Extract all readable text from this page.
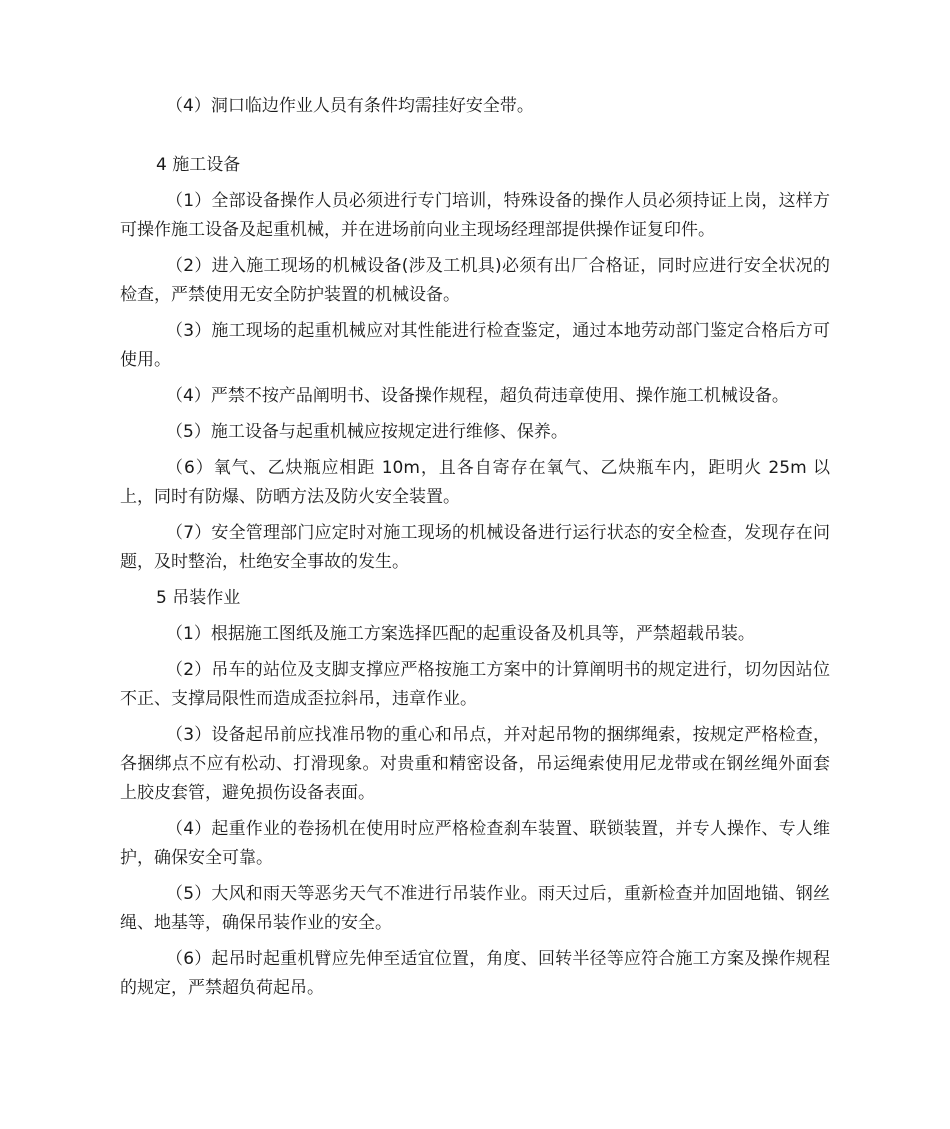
（4）洞口临边作业人员有条件均需挂好安全带。

4 施工设备

（1）全部设备操作人员必须进行专门培训，特殊设备的操作人员必须持证上岗，这样方可操作施工设备及起重机械，并在进场前向业主现场经理部提供操作证复印件。

（2）进入施工现场的机械设备(涉及工机具)必须有出厂合格证，同时应进行安全状况的检查，严禁使用无安全防护装置的机械设备。

（3）施工现场的起重机械应对其性能进行检查鉴定，通过本地劳动部门鉴定合格后方可使用。

（4）严禁不按产品阐明书、设备操作规程，超负荷违章使用、操作施工机械设备。

（5）施工设备与起重机械应按规定进行维修、保养。

（6）氧气、乙炔瓶应相距 10m，且各自寄存在氧气、乙炔瓶车内，距明火 25m 以上，同时有防爆、防晒方法及防火安全装置。

（7）安全管理部门应定时对施工现场的机械设备进行运行状态的安全检查，发现存在问题，及时整治，杜绝安全事故的发生。

5 吊装作业

（1）根据施工图纸及施工方案选择匹配的起重设备及机具等，严禁超载吊装。

（2）吊车的站位及支脚支撑应严格按施工方案中的计算阐明书的规定进行，切勿因站位不正、支撑局限性而造成歪拉斜吊，违章作业。

（3）设备起吊前应找准吊物的重心和吊点，并对起吊物的捆绑绳索，按规定严格检查，各捆绑点不应有松动、打滑现象。对贵重和精密设备，吊运绳索使用尼龙带或在钢丝绳外面套上胶皮套管，避免损伤设备表面。

（4）起重作业的卷扬机在使用时应严格检查刹车装置、联锁装置，并专人操作、专人维护，确保安全可靠。

（5）大风和雨天等恶劣天气不准进行吊装作业。雨天过后，重新检查并加固地锚、钢丝绳、地基等，确保吊装作业的安全。

（6）起吊时起重机臂应先伸至适宜位置，角度、回转半径等应符合施工方案及操作规程的规定，严禁超负荷起吊。
